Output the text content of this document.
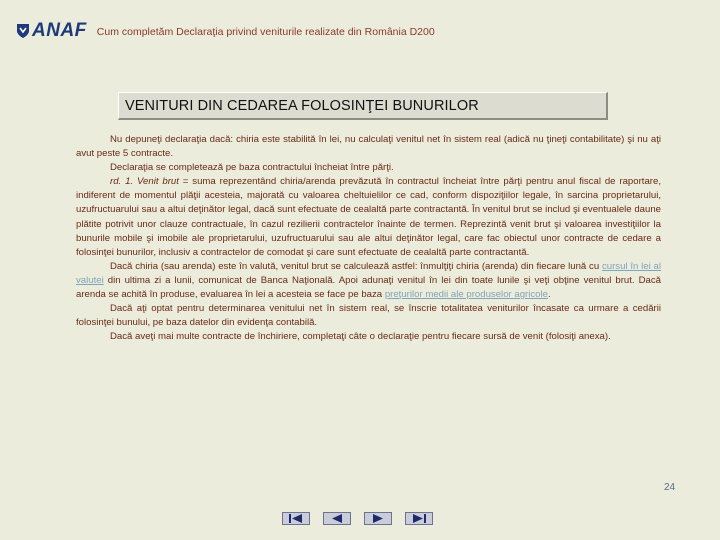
ANAF Cum completăm Declaraţia privind veniturile realizate din România D200
VENITURI DIN CEDAREA FOLOSINŢEI BUNURILOR

Nu depuneţi declaraţia dacă: chiria este stabilită în lei, nu calculaţi venitul net în sistem real (adică nu ţineţi contabilitate) şi nu aţi avut peste 5 contracte.

Declaraţia se completează pe baza contractului încheiat între părţi.

rd. 1. Venit brut = suma reprezentând chiria/arenda prevăzută în contractul încheiat între părţi pentru anul fiscal de raportare, indiferent de momentul plăţii acesteia, majorată cu valoarea cheltuielilor ce cad, conform dispoziţiilor legale, în sarcina proprietarului, uzufructuarului sau a altui deţinător legal, dacă sunt efectuate de cealaltă parte contractantă. În venitul brut se includ şi eventualele daune plătite potrivit unor clauze contractuale, în cazul rezilierii contractelor înainte de termen. Reprezintă venit brut şi valoarea investiţiilor la bunurile mobile şi imobile ale proprietarului, uzufructuarului sau ale altui deţinător legal, care fac obiectul unor contracte de cedare a folosinţei bunurilor, inclusiv a contractelor de comodat şi care sunt efectuate de cealaltă parte contractantă.

Dacă chiria (sau arenda) este în valută, venitul brut se calculează astfel: înmulţiţi chiria (arenda) din fiecare lună cu cursul în lei al valutei din ultima zi a lunii, comunicat de Banca Naţională. Apoi adunaţi venitul în lei din toate lunile şi veţi obţine venitul brut. Dacă arenda se achită în produse, evaluarea în lei a acesteia se face pe baza preţurilor medii ale produselor agricole.

Dacă aţi optat pentru determinarea venitului net în sistem real, se înscrie totalitatea veniturilor încasate ca urmare a cedării folosinţei bunului, pe baza datelor din evidenţa contabilă.

Dacă aveţi mai multe contracte de închiriere, completaţi câte o declaraţie pentru fiecare sursă de venit (folosiţi anexa).

24
